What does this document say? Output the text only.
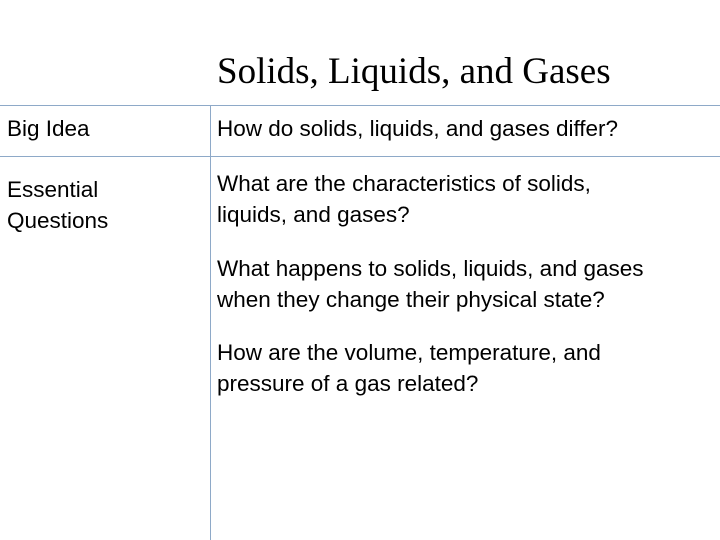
Solids, Liquids, and Gases
Big Idea	How do solids, liquids, and gases differ?
Essential Questions
What are the characteristics of solids, liquids, and gases?
What happens to solids, liquids, and gases when they change their physical state?
How are the volume, temperature, and pressure of a gas related?
